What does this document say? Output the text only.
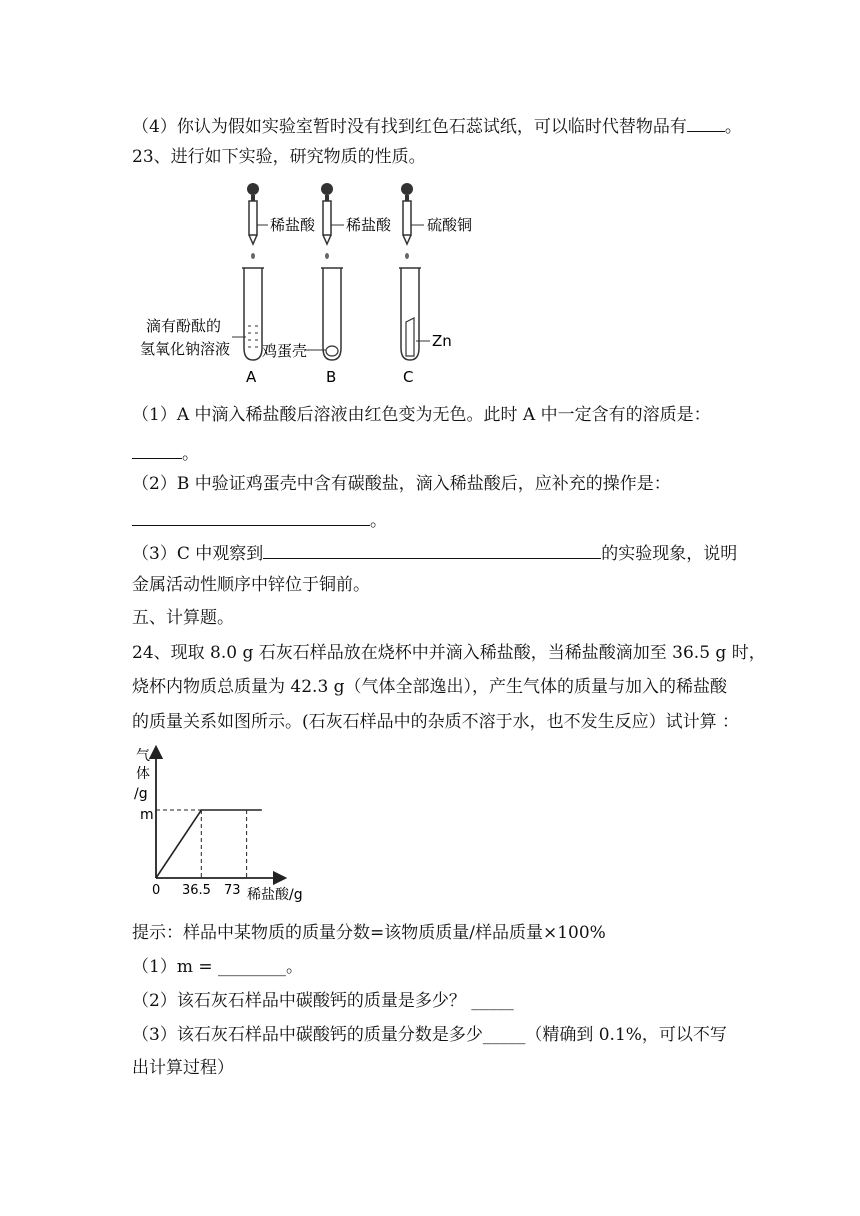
（4）你认为假如实验室暂时没有找到红色石蕊试纸，可以临时代替物品有 。
23、进行如下实验，研究物质的性质。
稀盐酸 稀盐酸 硫酸铜
滴有酚酞的
氢氧化钠溶液 鸡蛋壳
Zn
A	B	C
（1）A 中滴入稀盐酸后溶液由红色变为无色。此时 A 中一定含有的溶质是：
。
（2）B 中验证鸡蛋壳中含有碳酸盐，滴入稀盐酸后，应补充的操作是：
。
（3）C 中观察到	的实验现象，说明
金属活动性顺序中锌位于铜前。
五、计算题。
24、现取 8.0 g 石灰石样品放在烧杯中并滴入稀盐酸，当稀盐酸滴加至 36.5 g 时，
烧杯内物质总质量为 42.3 g（气体全部逸出），产生气体的质量与加入的稀盐酸
的质量关系如图所示。(石灰石样品中的杂质不溶于水，也不发生反应）试计算 ：
气
体
/g
m
0 36.5 73 稀盐酸/g
提示：样品中某物质的质量分数=该物质质量/样品质量×100%
（1）m = ________。
（2）该石灰石样品中碳酸钙的质量是多少？ _____
（3）该石灰石样品中碳酸钙的质量分数是多少_____（精确到 0.1%，可以不写
出计算过程）
